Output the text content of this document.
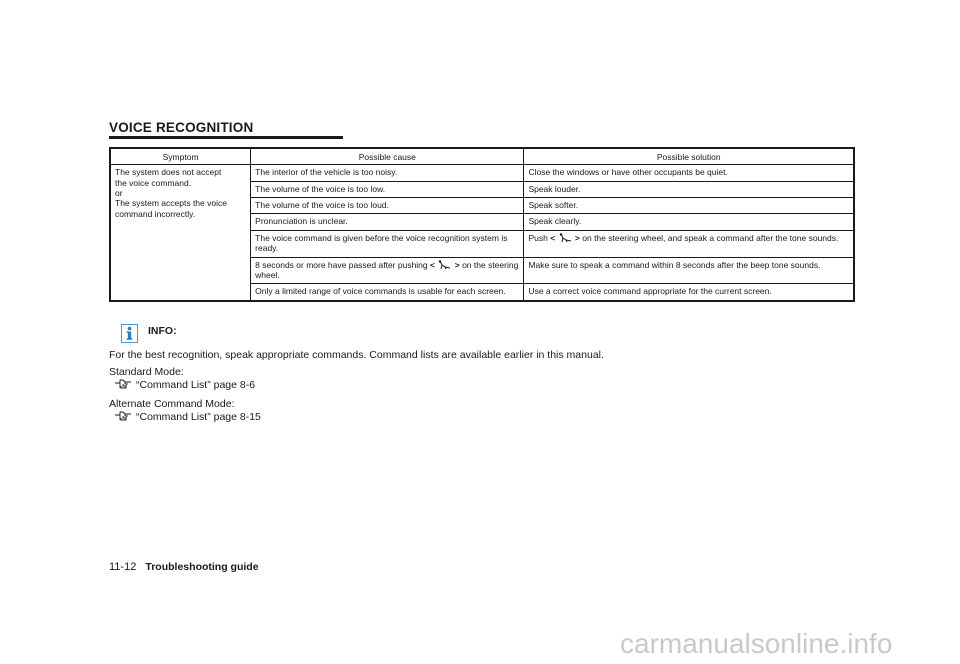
VOICE RECOGNITION
Symptom	Possible cause	Possible solution

The system does not accept
the voice command.
or
The system accepts the voice
command incorrectly.	The interior of the vehicle is too noisy.	Close the windows or have other occupants be quiet.
	The volume of the voice is too low.	Speak louder.
	The volume of the voice is too loud.	Speak softer.
	Pronunciation is unclear.	Speak clearly.
	The voice command is given before the voice recognition system is ready.	Push < > on the steering wheel, and speak a command after the tone sounds.
	8 seconds or more have passed after pushing < > on the steering wheel.	Make sure to speak a command within 8 seconds after the beep tone sounds.
	Only a limited range of voice commands is usable for each screen.	Use a correct voice command appropriate for the current screen.
INFO:
For the best recognition, speak appropriate commands. Command lists are available earlier in this manual.
Standard Mode:
“Command List” page 8-6
Alternate Command Mode:
“Command List” page 8-15
11-12 Troubleshooting guide
carmanualsonline.info
